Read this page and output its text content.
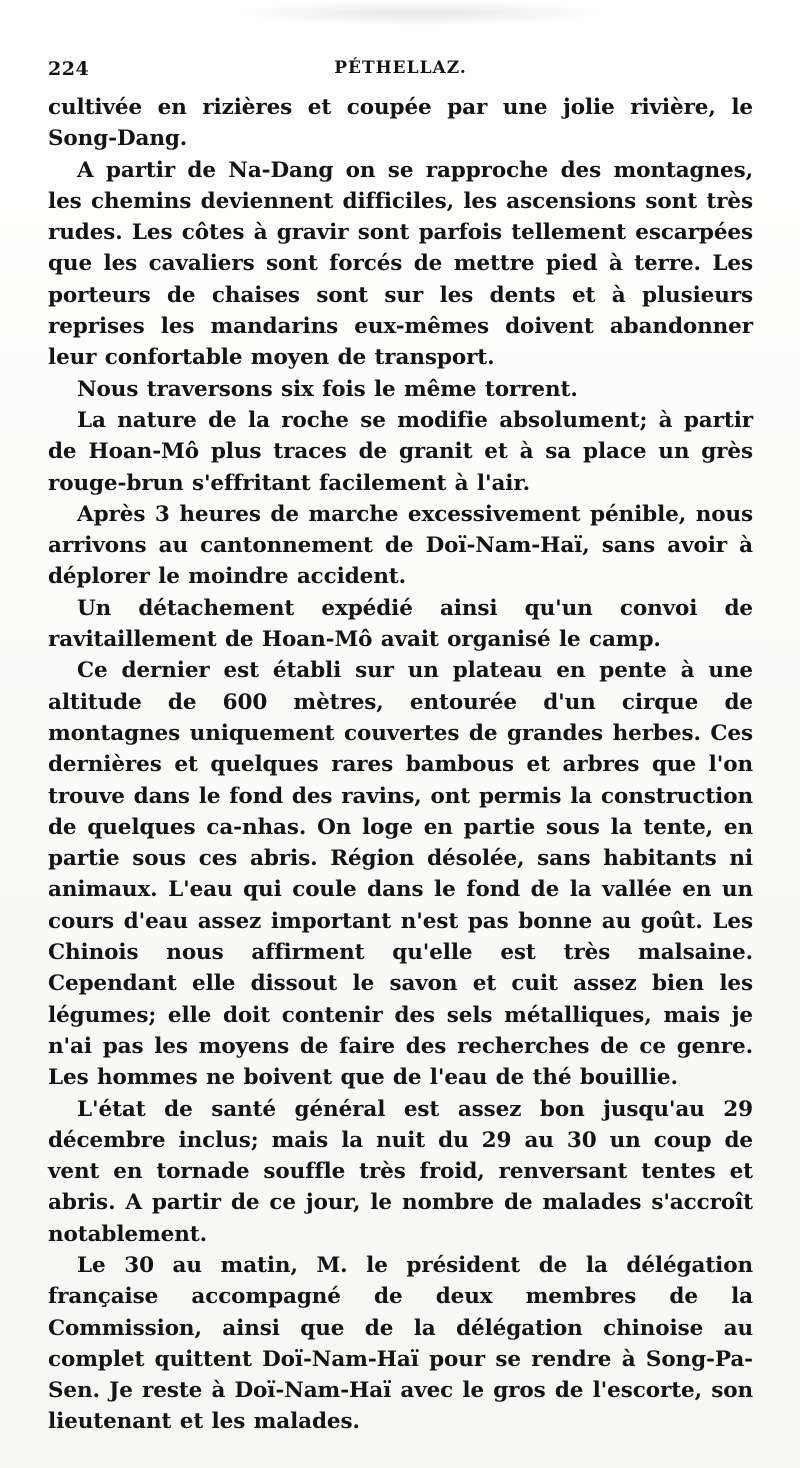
224	PÉTHELLAZ.

cultivée en rizières et coupée par une jolie rivière, le Song-Dang.

A partir de Na-Dang on se rapproche des montagnes, les chemins deviennent difficiles, les ascensions sont très rudes. Les côtes à gravir sont parfois tellement escarpées que les cavaliers sont forcés de mettre pied à terre. Les porteurs de chaises sont sur les dents et à plusieurs reprises les mandarins eux-mêmes doivent abandonner leur confortable moyen de transport.

Nous traversons six fois le même torrent.

La nature de la roche se modifie absolument; à partir de Hoan-Mô plus traces de granit et à sa place un grès rouge-brun s'effritant facilement à l'air.

Après 3 heures de marche excessivement pénible, nous arrivons au cantonnement de Doï-Nam-Haï, sans avoir à déplorer le moindre accident.

Un détachement expédié ainsi qu'un convoi de ravitaillement de Hoan-Mô avait organisé le camp.

Ce dernier est établi sur un plateau en pente à une altitude de 600 mètres, entourée d'un cirque de montagnes uniquement couvertes de grandes herbes. Ces dernières et quelques rares bambous et arbres que l'on trouve dans le fond des ravins, ont permis la construction de quelques ca-nhas. On loge en partie sous la tente, en partie sous ces abris. Région désolée, sans habitants ni animaux. L'eau qui coule dans le fond de la vallée en un cours d'eau assez important n'est pas bonne au goût. Les Chinois nous affirment qu'elle est très malsaine. Cependant elle dissout le savon et cuit assez bien les légumes; elle doit contenir des sels métalliques, mais je n'ai pas les moyens de faire des recherches de ce genre. Les hommes ne boivent que de l'eau de thé bouillie.

L'état de santé général est assez bon jusqu'au 29 décembre inclus; mais la nuit du 29 au 30 un coup de vent en tornade souffle très froid, renversant tentes et abris. A partir de ce jour, le nombre de malades s'accroît notablement.

Le 30 au matin, M. le président de la délégation française accompagné de deux membres de la Commission, ainsi que de la délégation chinoise au complet quittent Doï-Nam-Haï pour se rendre à Song-Pa-Sen. Je reste à Doï-Nam-Haï avec le gros de l'escorte, son lieutenant et les malades.
